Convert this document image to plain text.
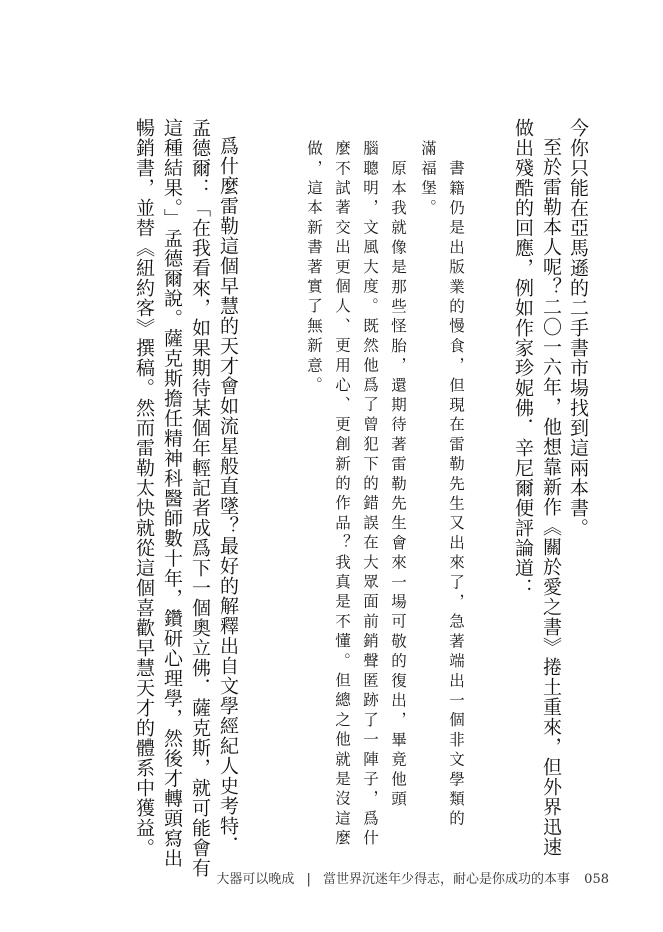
今你只能在亞馬遜的二手書市場找到這兩本書。
至於雷勒本人呢？二〇一六年，他想靠新作《關於愛之書》捲土重來，但外界迅速
做出殘酷的回應，例如作家珍妮佛．辛尼爾便評論道：
書籍仍是出版業的慢食，但現在雷勒先生又出來了，急著端出一個非文學類的
滿福堡。
原本我就像是那些怪胎，還期待著雷勒先生會來一場可敬的復出，畢竟他頭
腦聰明，文風大度。既然他爲了曾犯下的錯誤在大眾面前銷聲匿跡了一陣子，爲什
麼不試著交出更個人、更用心、更創新的作品？我真是不懂。但總之他就是沒這麼
做，這本新書著實了無新意。
爲什麼雷勒這個早慧的天才會如流星般直墜？最好的解釋出自文學經紀人史考特．
孟德爾：「在我看來，如果期待某個年輕記者成爲下一個奧立佛．薩克斯，就可能會有
這種結果。」孟德爾說。薩克斯擔任精神科醫師數十年，鑽研心理學，然後才轉頭寫出
暢銷書，並替《紐約客》撰稿。然而雷勒太快就從這個喜歡早慧天才的體系中獲益。
大器可以晚成 | 當世界沉迷年少得志，耐心是你成功的本事 058
